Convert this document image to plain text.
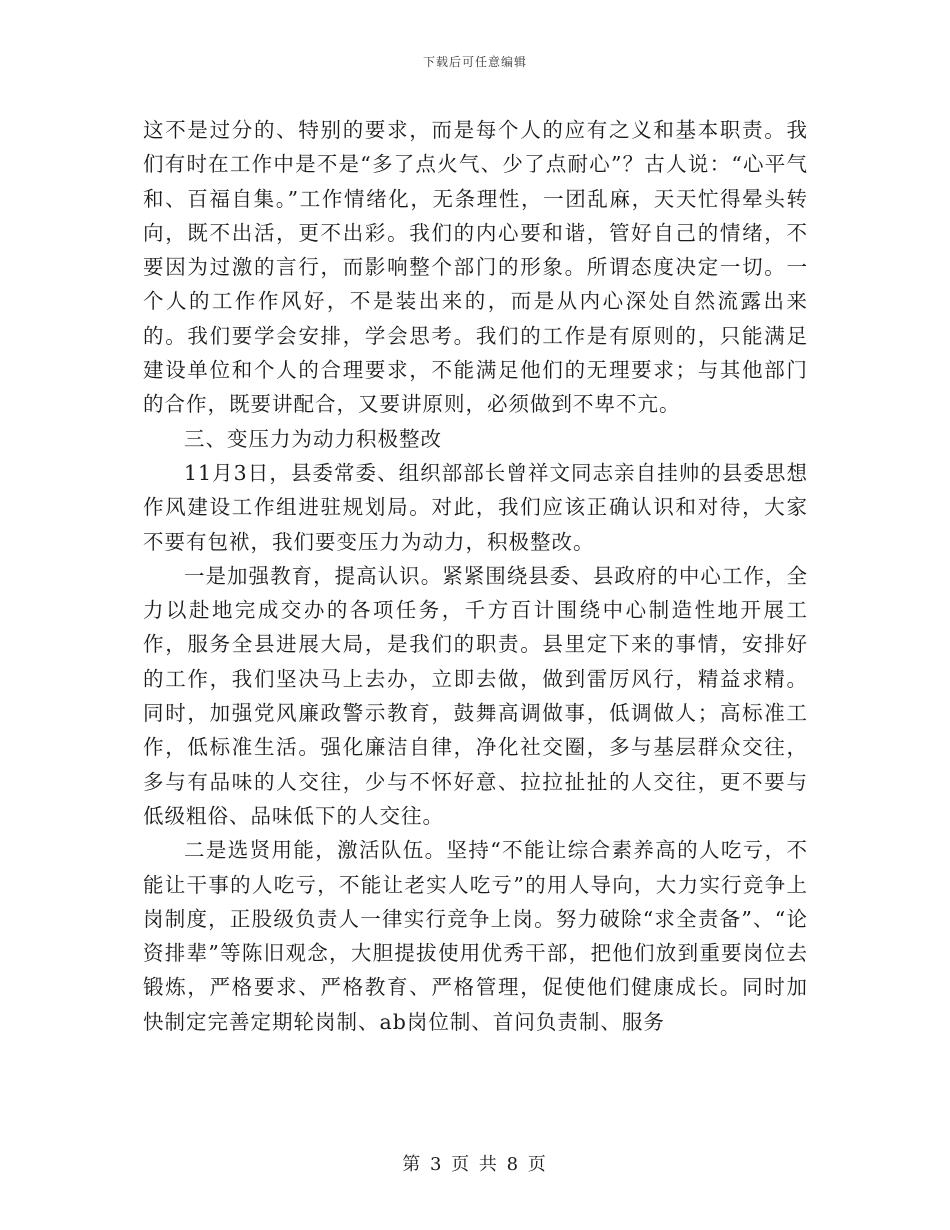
下载后可任意编辑

这不是过分的、特别的要求，而是每个人的应有之义和基本职责。我们有时在工作中是不是“多了点火气、少了点耐心”？古人说：“心平气和、百福自集。”工作情绪化，无条理性，一团乱麻，天天忙得晕头转向，既不出活，更不出彩。我们的内心要和谐，管好自己的情绪，不要因为过激的言行，而影响整个部门的形象。所谓态度决定一切。一个人的工作作风好，不是装出来的，而是从内心深处自然流露出来的。我们要学会安排，学会思考。我们的工作是有原则的，只能满足建设单位和个人的合理要求，不能满足他们的无理要求；与其他部门的合作，既要讲配合，又要讲原则，必须做到不卑不亢。

三、变压力为动力积极整改

11月3日，县委常委、组织部部长曾祥文同志亲自挂帅的县委思想作风建设工作组进驻规划局。对此，我们应该正确认识和对待，大家不要有包袱，我们要变压力为动力，积极整改。

一是加强教育，提高认识。紧紧围绕县委、县政府的中心工作，全力以赴地完成交办的各项任务，千方百计围绕中心制造性地开展工作，服务全县进展大局，是我们的职责。县里定下来的事情，安排好的工作，我们坚决马上去办，立即去做，做到雷厉风行，精益求精。同时，加强党风廉政警示教育，鼓舞高调做事，低调做人；高标准工作，低标准生活。强化廉洁自律，净化社交圈，多与基层群众交往，多与有品味的人交往，少与不怀好意、拉拉扯扯的人交往，更不要与低级粗俗、品味低下的人交往。

二是选贤用能，激活队伍。坚持“不能让综合素养高的人吃亏，不能让干事的人吃亏，不能让老实人吃亏”的用人导向，大力实行竞争上岗制度，正股级负责人一律实行竞争上岗。努力破除“求全责备”、“论资排辈”等陈旧观念，大胆提拔使用优秀干部，把他们放到重要岗位去锻炼，严格要求、严格教育、严格管理，促使他们健康成长。同时加快制定完善定期轮岗制、ab岗位制、首问负责制、服务

第 3 页 共 8 页
